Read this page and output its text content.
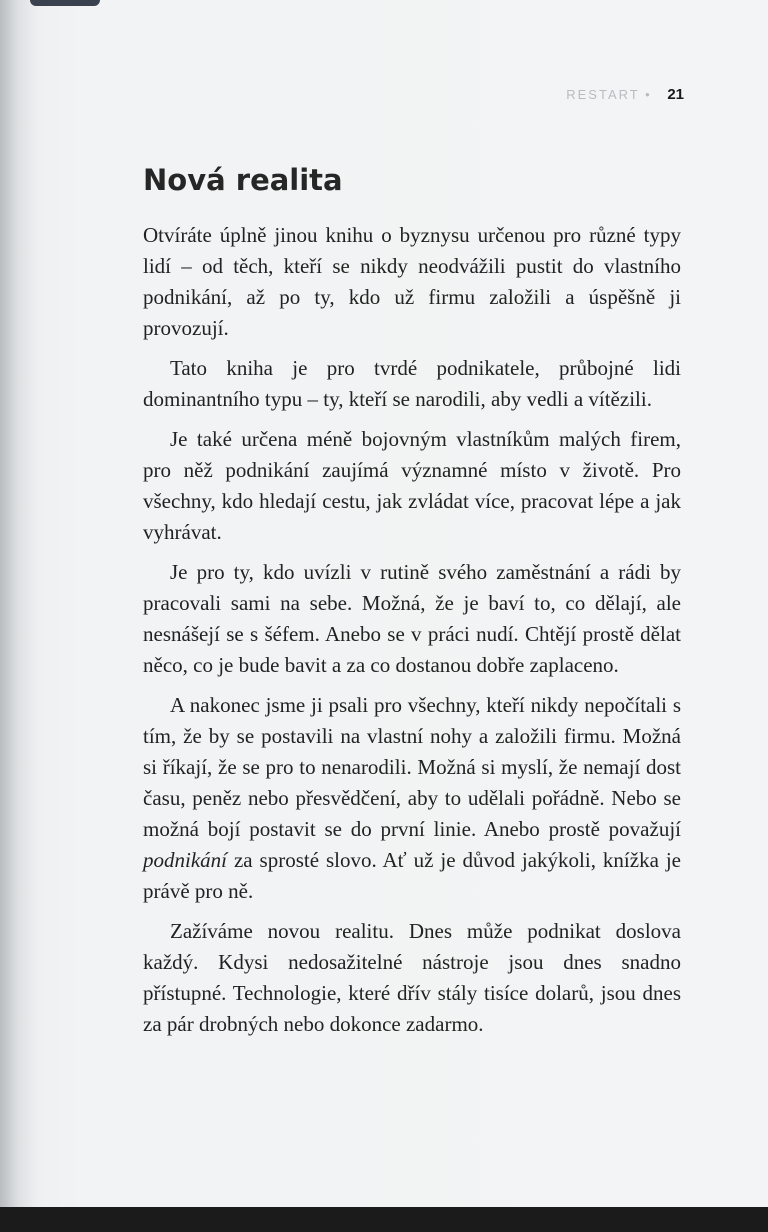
RESTART • 21
Nová realita

Otvíráte úplně jinou knihu o byznysu určenou pro různé typy lidí – od těch, kteří se nikdy neodvážili pustit do vlastního podnikání, až po ty, kdo už firmu založili a úspěšně ji provozují.

Tato kniha je pro tvrdé podnikatele, průbojné lidi dominantního typu – ty, kteří se narodili, aby vedli a vítězili.

Je také určena méně bojovným vlastníkům malých firem, pro něž podnikání zaujímá významné místo v životě. Pro všechny, kdo hledají cestu, jak zvládat více, pracovat lépe a jak vyhrávat.

Je pro ty, kdo uvízli v rutině svého zaměstnání a rádi by pracovali sami na sebe. Možná, že je baví to, co dělají, ale nesnášejí se s šéfem. Anebo se v práci nudí. Chtějí prostě dělat něco, co je bude bavit a za co dostanou dobře zaplaceno.

A nakonec jsme ji psali pro všechny, kteří nikdy nepočítali s tím, že by se postavili na vlastní nohy a založili firmu. Možná si říkají, že se pro to nenarodili. Možná si myslí, že nemají dost času, peněz nebo přesvědčení, aby to udělali pořádně. Nebo se možná bojí postavit se do první linie. Anebo prostě považují podnikání za sprosté slovo. Ať už je důvod jakýkoli, knížka je právě pro ně.

Zažíváme novou realitu. Dnes může podnikat doslova každý. Kdysi nedosažitelné nástroje jsou dnes snadno přístupné. Technologie, které dřív stály tisíce dolarů, jsou dnes za pár drobných nebo dokonce zadarmo.
